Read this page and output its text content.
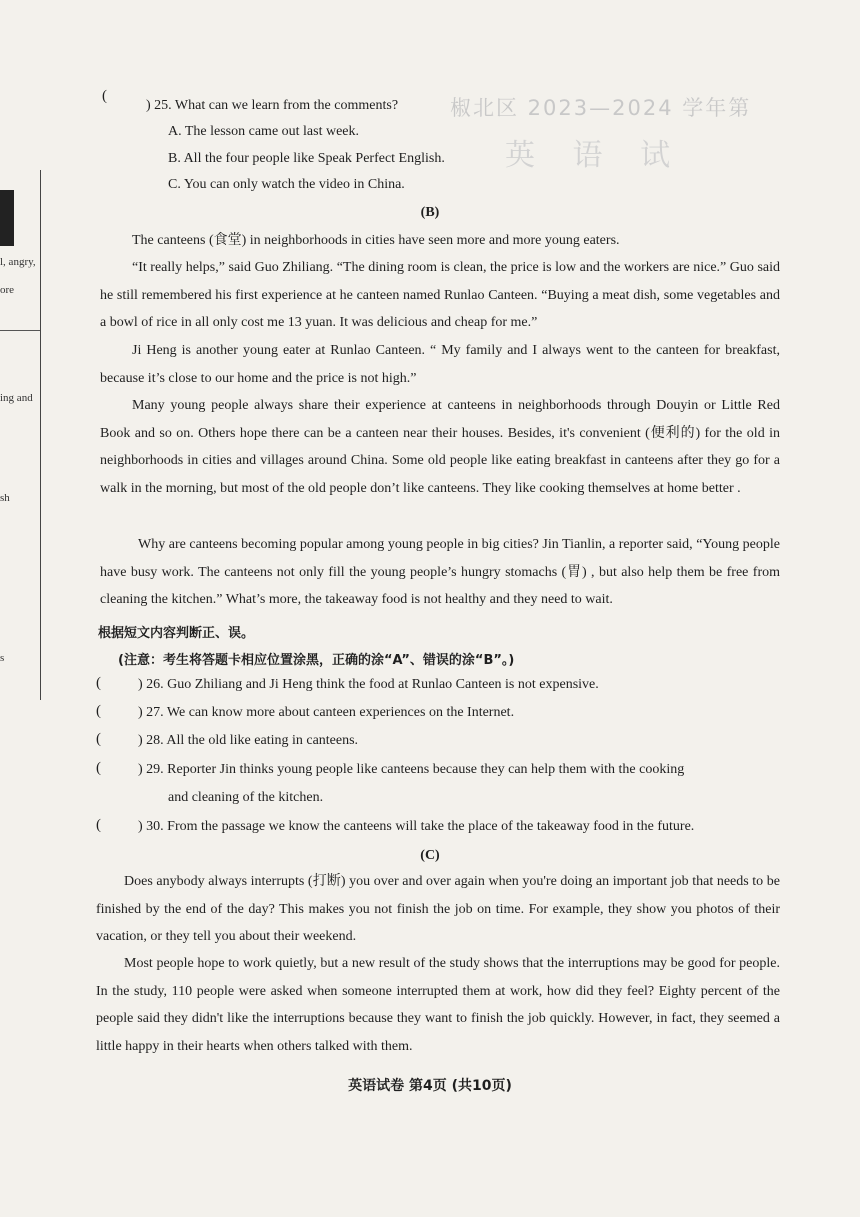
椒北区 2023—2024 学年第
英 语 试
l, angry,
ore
ing and
sh
s
(
) 25. What can we learn from the comments?
A. The lesson came out last week.
B. All the four people like Speak Perfect English.
C. You can only watch the video in China.
(B)
The canteens (食堂) in neighborhoods in cities have seen more and more young eaters.
“It really helps,” said Guo Zhiliang. “The dining room is clean, the price is low and the workers are nice.” Guo said he still remembered his first experience at he canteen named Runlao Canteen. “Buying a meat dish, some vegetables and a bowl of rice in all only cost me 13 yuan. It was delicious and cheap for me.”
Ji Heng is another young eater at Runlao Canteen. “ My family and I always went to the canteen for breakfast, because it’s close to our home and the price is not high.”
Many young people always share their experience at canteens in neighborhoods through Douyin or Little Red Book and so on. Others hope there can be a canteen near their houses. Besides, it's convenient (便利的) for the old in neighborhoods in cities and villages around China. Some old people like eating breakfast in canteens after they go for a walk in the morning, but most of the old people don’t like canteens. They like cooking themselves at home better .
Why are canteens becoming popular among young people in big cities? Jin Tianlin, a reporter said, “Young people have busy work. The canteens not only fill the young people’s hungry stomachs (胃) , but also help them be free from cleaning the kitchen.” What’s more, the takeaway food is not healthy and they need to wait.
根据短文内容判断正、误。
(注意：考生将答题卡相应位置涂黑，正确的涂“A”、错误的涂“B”。)
(	) 26. Guo Zhiliang and Ji Heng think the food at Runlao Canteen is not expensive.
(	) 27. We can know more about canteen experiences on the Internet.
(	) 28. All the old like eating in canteens.
(	) 29. Reporter Jin thinks young people like canteens because they can help them with the cooking
and cleaning of the kitchen.
(	) 30. From the passage we know the canteens will take the place of the takeaway food in the future.
(C)
Does anybody always interrupts (打断) you over and over again when you're doing an important job that needs to be finished by the end of the day? This makes you not finish the job on time. For example, they show you photos of their vacation, or they tell you about their weekend.
Most people hope to work quietly, but a new result of the study shows that the interruptions may be good for people. In the study, 110 people were asked when someone interrupted them at work, how did they feel? Eighty percent of the people said they didn't like the interruptions because they want to finish the job quickly. However, in fact, they seemed a little happy in their hearts when others talked with them.
英语试卷 第4页 (共10页)
